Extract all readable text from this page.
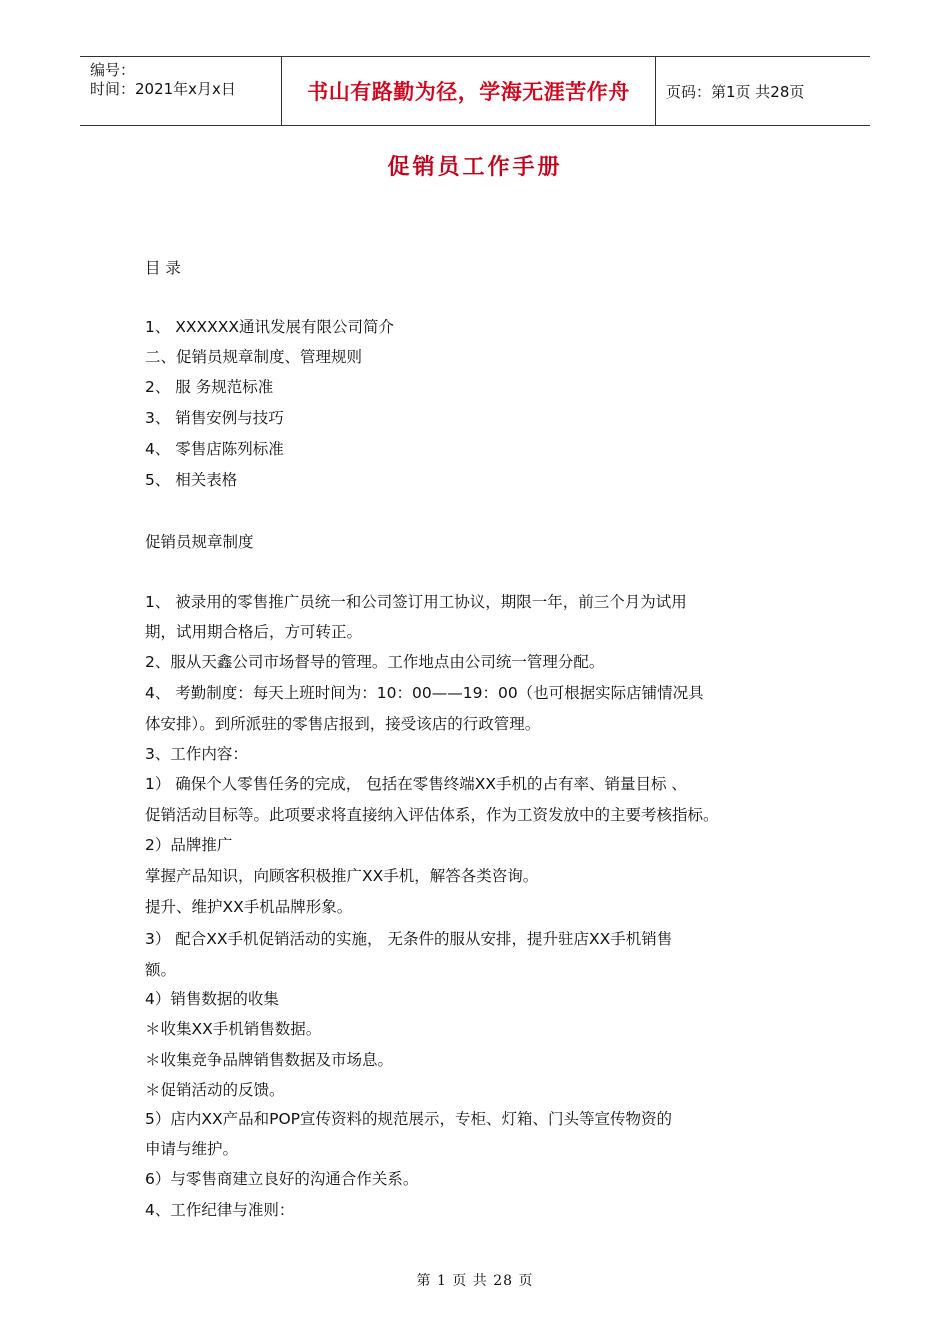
编号：
时间：2021年x月x日	书山有路勤为径，学海无涯苦作舟 页码：第1页 共28页
促销员工作手册
目 录
1、 XXXXXX通讯发展有限公司简介
二、促销员规章制度、管理规则
2、 服 务规范标准
3、 销售安例与技巧
4、 零售店陈列标准
5、 相关表格
促销员规章制度
1、 被录用的零售推广员统一和公司签订用工协议，期限一年，前三个月为试用
期，试用期合格后，方可转正。
2、服从天鑫公司市场督导的管理。工作地点由公司统一管理分配。
4、 考勤制度：每天上班时间为：10：00——19：00（也可根据实际店铺情况具
体安排）。到所派驻的零售店报到，接受该店的行政管理。
3、工作内容：
1） 确保个人零售任务的完成， 包括在零售终端XX手机的占有率、销量目标 、
促销活动目标等。此项要求将直接纳入评估体系，作为工资发放中的主要考核指标。
2）品牌推广
掌握产品知识，向顾客积极推广XX手机，解答各类咨询。
提升、维护XX手机品牌形象。
3） 配合XX手机促销活动的实施， 无条件的服从安排，提升驻店XX手机销售
额。
4）销售数据的收集
＊收集XX手机销售数据。
＊收集竞争品牌销售数据及市场息。
＊促销活动的反馈。
5）店内XX产品和POP宣传资料的规范展示，专柜、灯箱、门头等宣传物资的
申请与维护。
6）与零售商建立良好的沟通合作关系。
4、工作纪律与准则：
第 1 页 共 28 页
